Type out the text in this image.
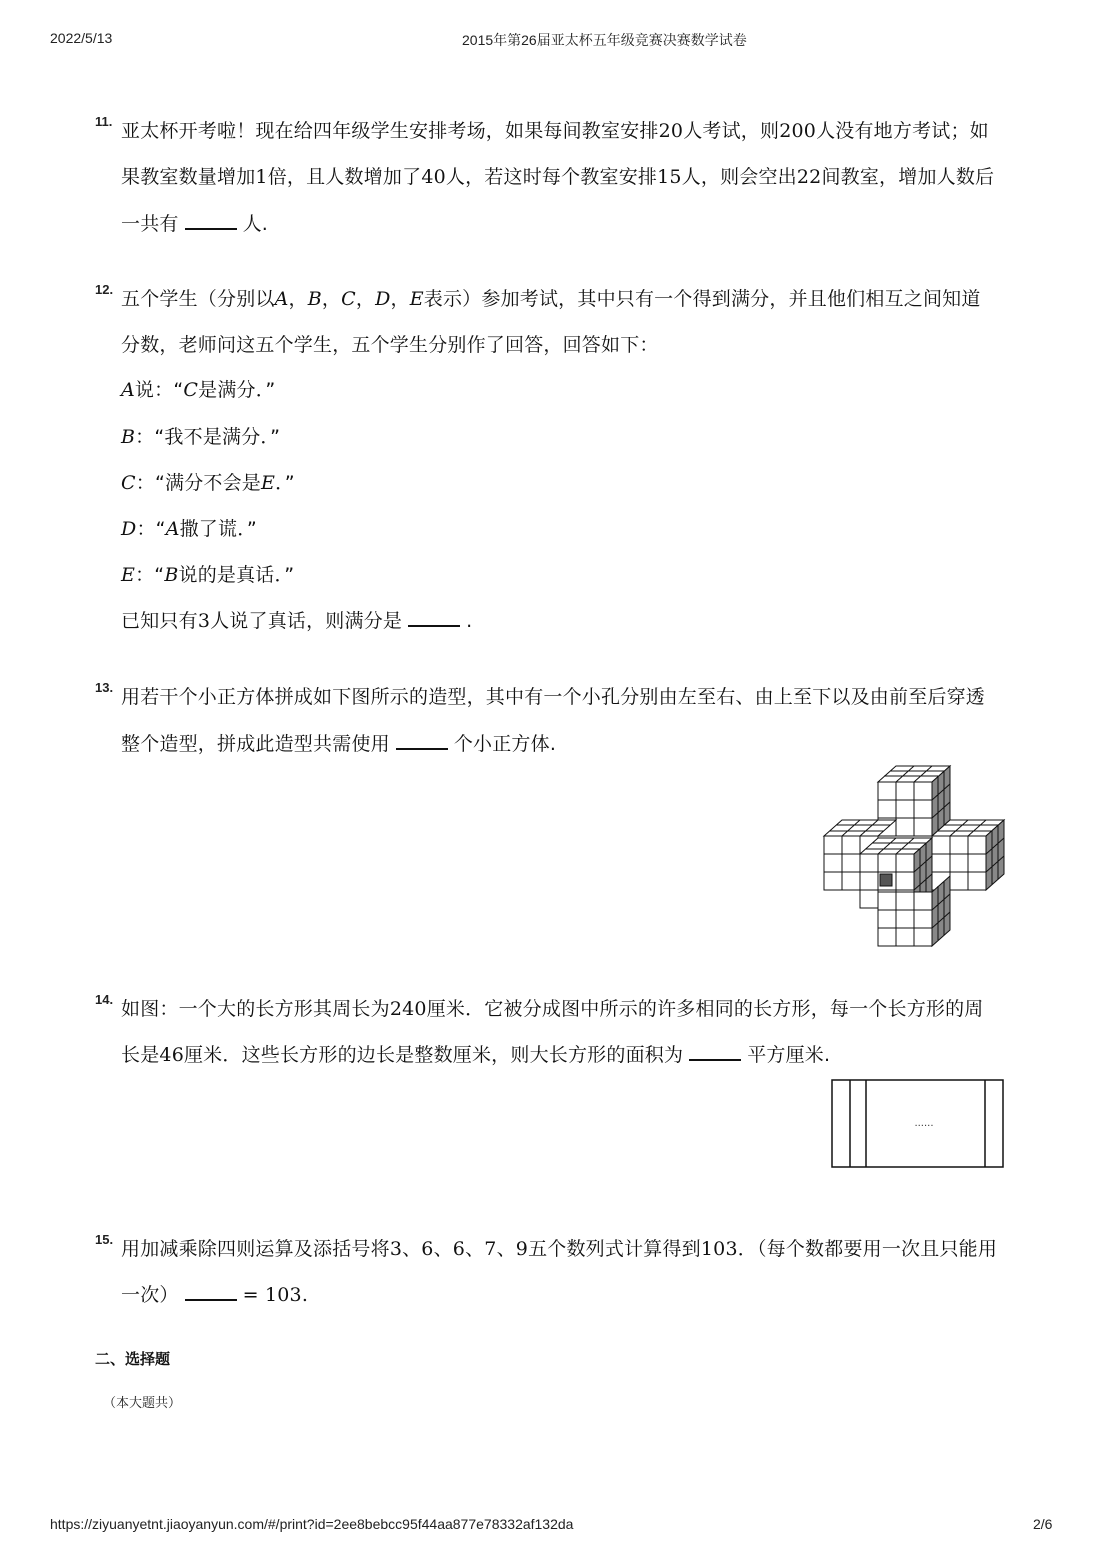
2022/5/13	2015年第26届亚太杯五年级竞赛决赛数学试卷
11. 亚太杯开考啦！现在给四年级学生安排考场，如果每间教室安排20人考试，则200人没有地方考试；如
果教室数量增加1倍，且人数增加了40人，若这时每个教室安排15人，则会空出22间教室，增加人数后
一共有	人.
12. 五个学生（分别以A，B，C，D，E表示）参加考试，其中只有一个得到满分，并且他们相互之间知道
分数，老师问这五个学生，五个学生分别作了回答，回答如下：
A说：“C是满分．”
B：“我不是满分．”
C：“满分不会是E．”
D：“A撒了谎．”
E：“B说的是真话．”
已知只有3人说了真话，则满分是	.
13. 用若干个小正方体拼成如下图所示的造型，其中有一个小孔分别由左至右、由上至下以及由前至后穿透
整个造型，拼成此造型共需使用	个小正方体.
14. 如图：一个大的长方形其周长为240厘米．它被分成图中所示的许多相同的长方形，每一个长方形的周
长是46厘米．这些长方形的边长是整数厘米，则大长方形的面积为	平方厘米.
......
15. 用加减乘除四则运算及添括号将3、6、6、7、9五个数列式计算得到103．（每个数都要用一次且只能用
一次）	= 103.
二、选择题
（本大题共）
https://ziyuanyetnt.jiaoyanyun.com/#/print?id=2ee8bebcc95f44aa877e78332af132da	2/6
